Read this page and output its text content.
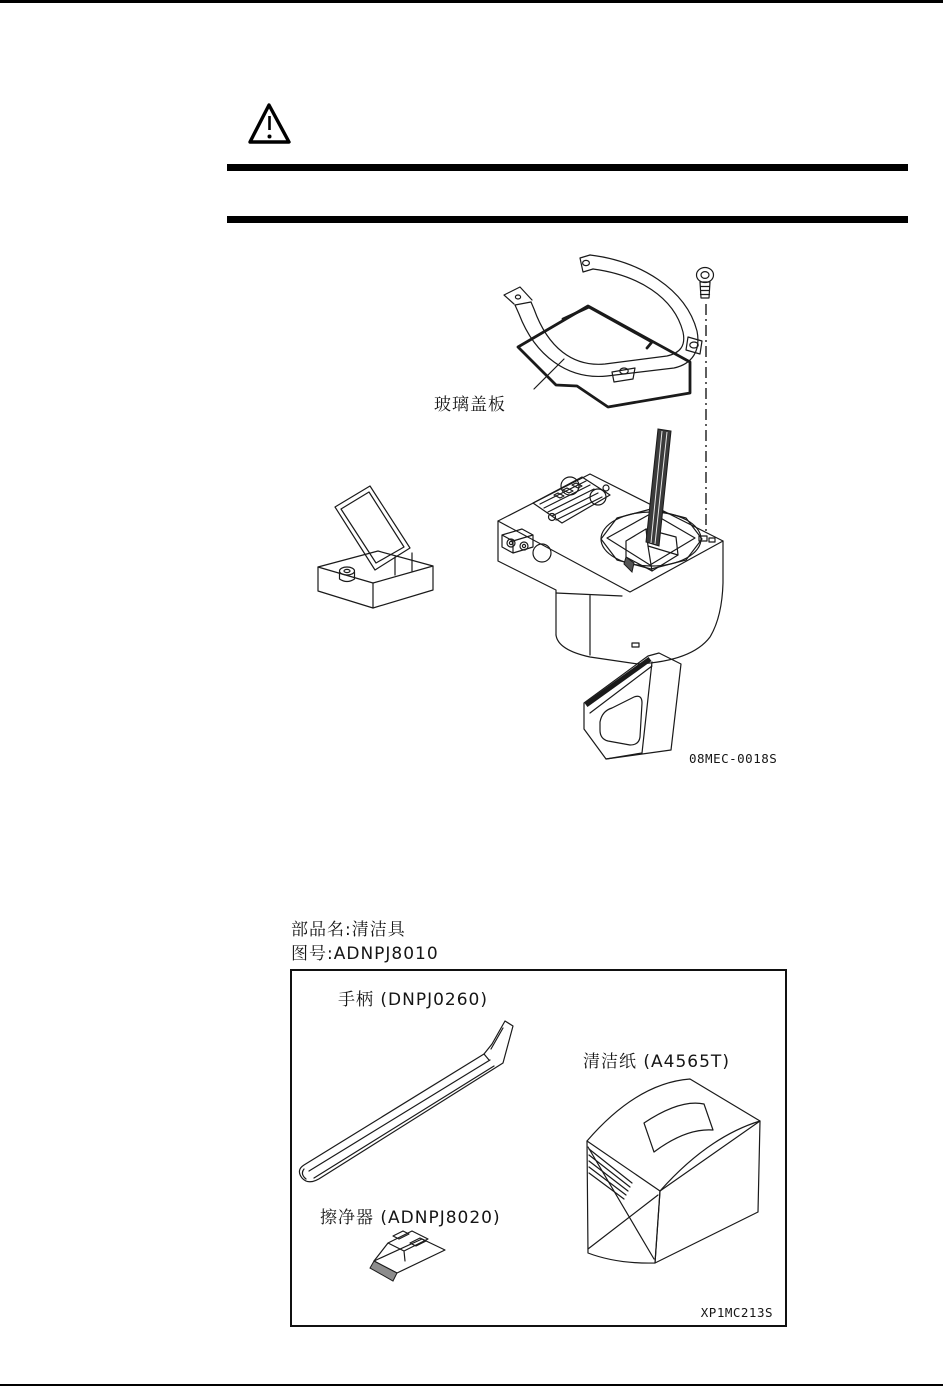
玻璃盖板
08MEC-0018S
部品名:清洁具
图号:ADNPJ8010
手柄 (DNPJ0260)
清洁纸 (A4565T)
擦净器 (ADNPJ8020)
XP1MC213S
